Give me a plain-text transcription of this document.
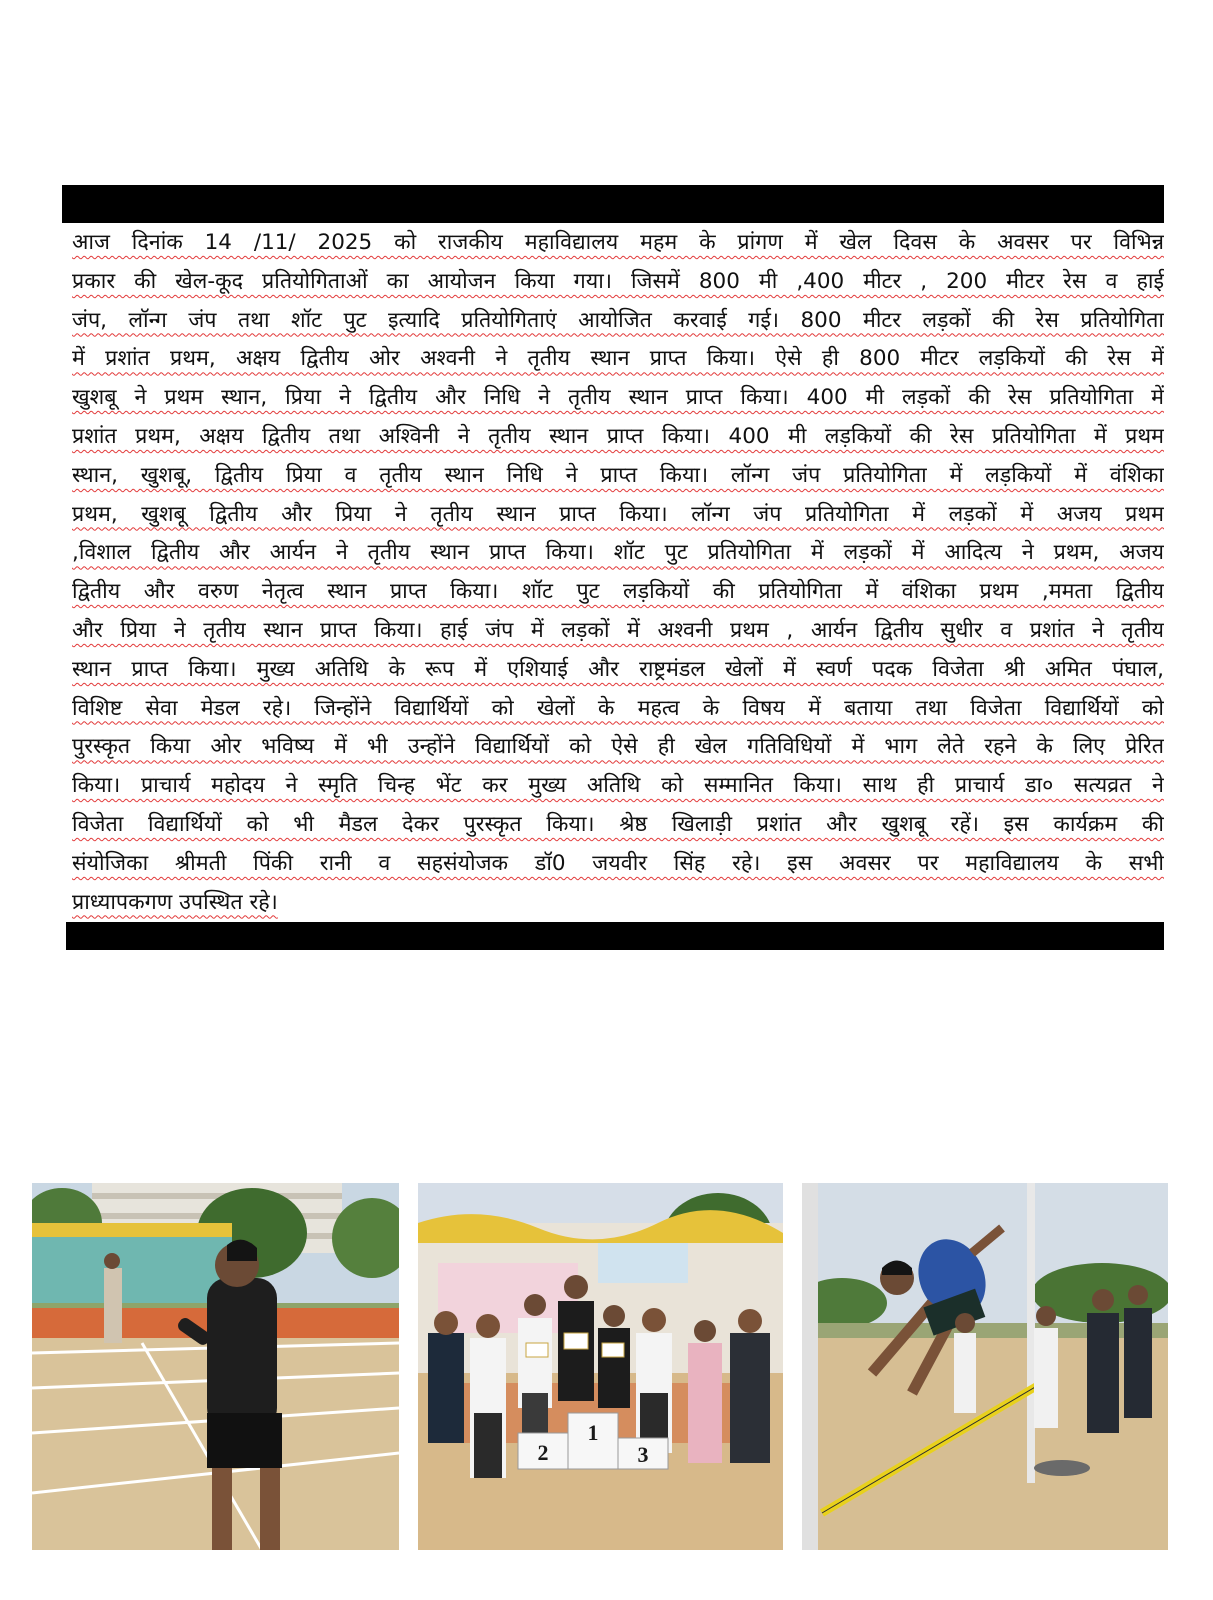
आज दिनांक 14 /11/ 2025 को राजकीय महाविद्यालय महम के प्रांगण में खेल दिवस के अवसर पर विभिन्न
प्रकार की खेल-कूद प्रतियोगिताओं का आयोजन किया गया। जिसमें 800 मी ,400 मीटर , 200 मीटर रेस व हाई
जंप, लॉन्ग जंप तथा शॉट पुट इत्यादि प्रतियोगिताएं आयोजित करवाई गई। 800 मीटर लड़कों की रेस प्रतियोगिता
में प्रशांत प्रथम, अक्षय द्वितीय ओर अश्वनी ने तृतीय स्थान प्राप्त किया। ऐसे ही 800 मीटर लड़कियों की रेस में
खुशबू ने प्रथम स्थान, प्रिया ने द्वितीय और निधि ने तृतीय स्थान प्राप्त किया। 400 मी लड़कों की रेस प्रतियोगिता में
प्रशांत प्रथम, अक्षय द्वितीय तथा अश्विनी ने तृतीय स्थान प्राप्त किया। 400 मी लड़कियों की रेस प्रतियोगिता में प्रथम
स्थान, खुशबू, द्वितीय प्रिया व तृतीय स्थान निधि ने प्राप्त किया। लॉन्ग जंप प्रतियोगिता में लड़कियों में वंशिका
प्रथम, खुशबू द्वितीय और प्रिया ने तृतीय स्थान प्राप्त किया। लॉन्ग जंप प्रतियोगिता में लड़कों में अजय प्रथम
,विशाल द्वितीय और आर्यन ने तृतीय स्थान प्राप्त किया। शॉट पुट प्रतियोगिता में लड़कों में आदित्य ने प्रथम, अजय
द्वितीय और वरुण नेतृत्व स्थान प्राप्त किया। शॉट पुट लड़कियों की प्रतियोगिता में वंशिका प्रथम ,ममता द्वितीय
और प्रिया ने तृतीय स्थान प्राप्त किया। हाई जंप में लड़कों में अश्वनी प्रथम , आर्यन द्वितीय सुधीर व प्रशांत ने तृतीय
स्थान प्राप्त किया। मुख्य अतिथि के रूप में एशियाई और राष्ट्रमंडल खेलों में स्वर्ण पदक विजेता श्री अमित पंघाल,
विशिष्ट सेवा मेडल रहे। जिन्होंने विद्यार्थियों को खेलों के महत्व के विषय में बताया तथा विजेता विद्यार्थियों को
पुरस्कृत किया ओर भविष्य में भी उन्होंने विद्यार्थियों को ऐसे ही खेल गतिविधियों में भाग लेते रहने के लिए प्रेरित
किया। प्राचार्य महोदय ने स्मृति चिन्ह भेंट कर मुख्य अतिथि को सम्मानित किया। साथ ही प्राचार्य डा० सत्यव्रत ने
विजेता विद्यार्थियों को भी मैडल देकर पुरस्कृत किया। श्रेष्ठ खिलाड़ी प्रशांत और खुशबू रहें। इस कार्यक्रम की
संयोजिका श्रीमती पिंकी रानी व सहसंयोजक डॉ0 जयवीर सिंह रहे। इस अवसर पर महाविद्यालय के सभी
प्राध्यापकगण उपस्थित रहे।
2
1
3
